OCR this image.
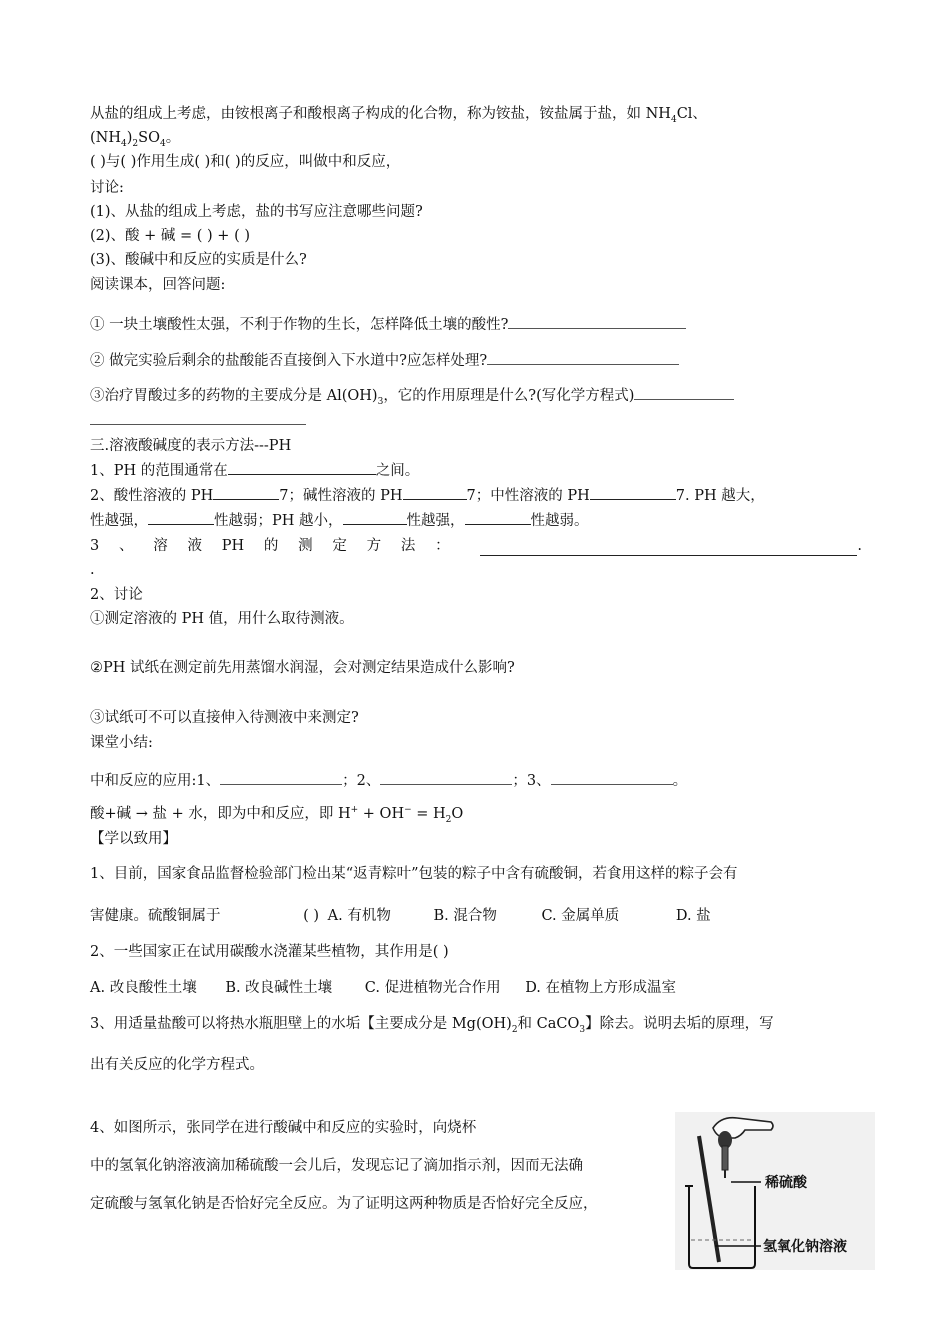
从盐的组成上考虑，由铵根离子和酸根离子构成的化合物，称为铵盐，铵盐属于盐，如 $NH_4Cl$、
$(NH_4)_2SO_4$。
( )与( )作用生成( )和( )的反应，叫做中和反应，
讨论:
(1)、从盐的组成上考虑，盐的书写应注意哪些问题?
(2)、酸 + 碱 = ( ) + ( )
(3)、酸碱中和反应的实质是什么?
阅读课本，回答问题:
① 一块土壤酸性太强，不利于作物的生长，怎样降低土壤的酸性?
② 做完实验后剩余的盐酸能否直接倒入下水道中?应怎样处理?
③治疗胃酸过多的药物的主要成分是 $Al(OH)_3$，它的作用原理是什么?(写化学方程式)
三.溶液酸碱度的表示方法---PH
1、PH 的范围通常在	之间。
2、酸性溶液的 PH	7；碱性溶液的 PH	7；中性溶液的 PH	7. PH 越大，
性越强，	性越弱；PH 越小，	性越强，	性越弱。
3 、 溶 液 PH 的 测 定 方 法 ：	.
.
2、讨论
①测定溶液的 PH 值，用什么取待测液。
②PH 试纸在测定前先用蒸馏水润湿，会对测定结果造成什么影响?
③试纸可不可以直接伸入待测液中来测定?
课堂小结:
中和反应的应用:1、	；2、	；3、	。
酸+碱 → 盐 + 水，即为中和反应，即 $H^+ + OH^- = H_2O$
【学以致用】
1、目前，国家食品监督检验部门检出某“返青粽叶”包装的粽子中含有硫酸铜，若食用这样的粽子会有
害健康。硫酸铜属于	( ) A. 有机物	B. 混合物	C. 金属单质	D. 盐
2、一些国家正在试用碳酸水浇灌某些植物，其作用是( )
A. 改良酸性土壤 B. 改良碱性土壤 C. 促进植物光合作用 D. 在植物上方形成温室
3、用适量盐酸可以将热水瓶胆壁上的水垢【主要成分是 $Mg(OH)_2$和 CaCO$_3$】除去。说明去垢的原理，写
出有关反应的化学方程式。
4、如图所示，张同学在进行酸碱中和反应的实验时，向烧杯
中的氢氧化钠溶液滴加稀硫酸一会儿后，发现忘记了滴加指示剂，因而无法确
定硫酸与氢氧化钠是否恰好完全反应。为了证明这两种物质是否恰好完全反应，
稀硫酸
氢氧化钠溶液
